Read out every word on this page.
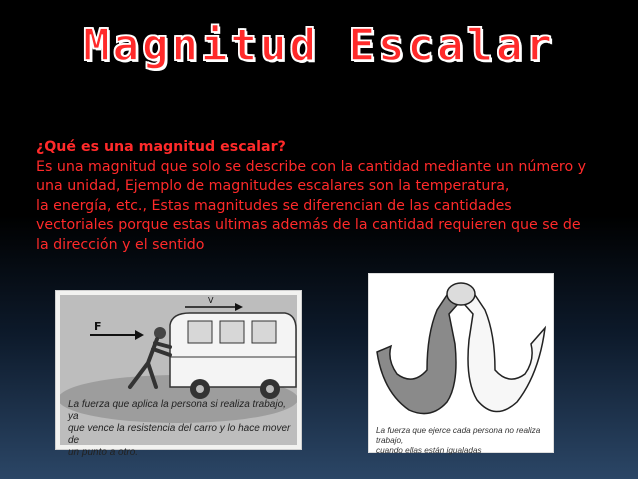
Magnitud Escalar
¿Qué es una magnitud escalar?
Es una magnitud que solo se describe con la cantidad mediante un número y
una unidad, Ejemplo de magnitudes escalares son la temperatura,
la energía, etc., Estas magnitudes se diferencian de las cantidades
vectoriales porque estas ultimas además de la cantidad requieren que se de
la dirección y el sentido
V
F
La fuerza que aplica la persona si realiza trabajo, ya
que vence la resistencia del carro y lo hace mover de
un punto a otro.
La fuerza que ejerce cada persona no realiza trabajo,
cuando ellas están igualadas
